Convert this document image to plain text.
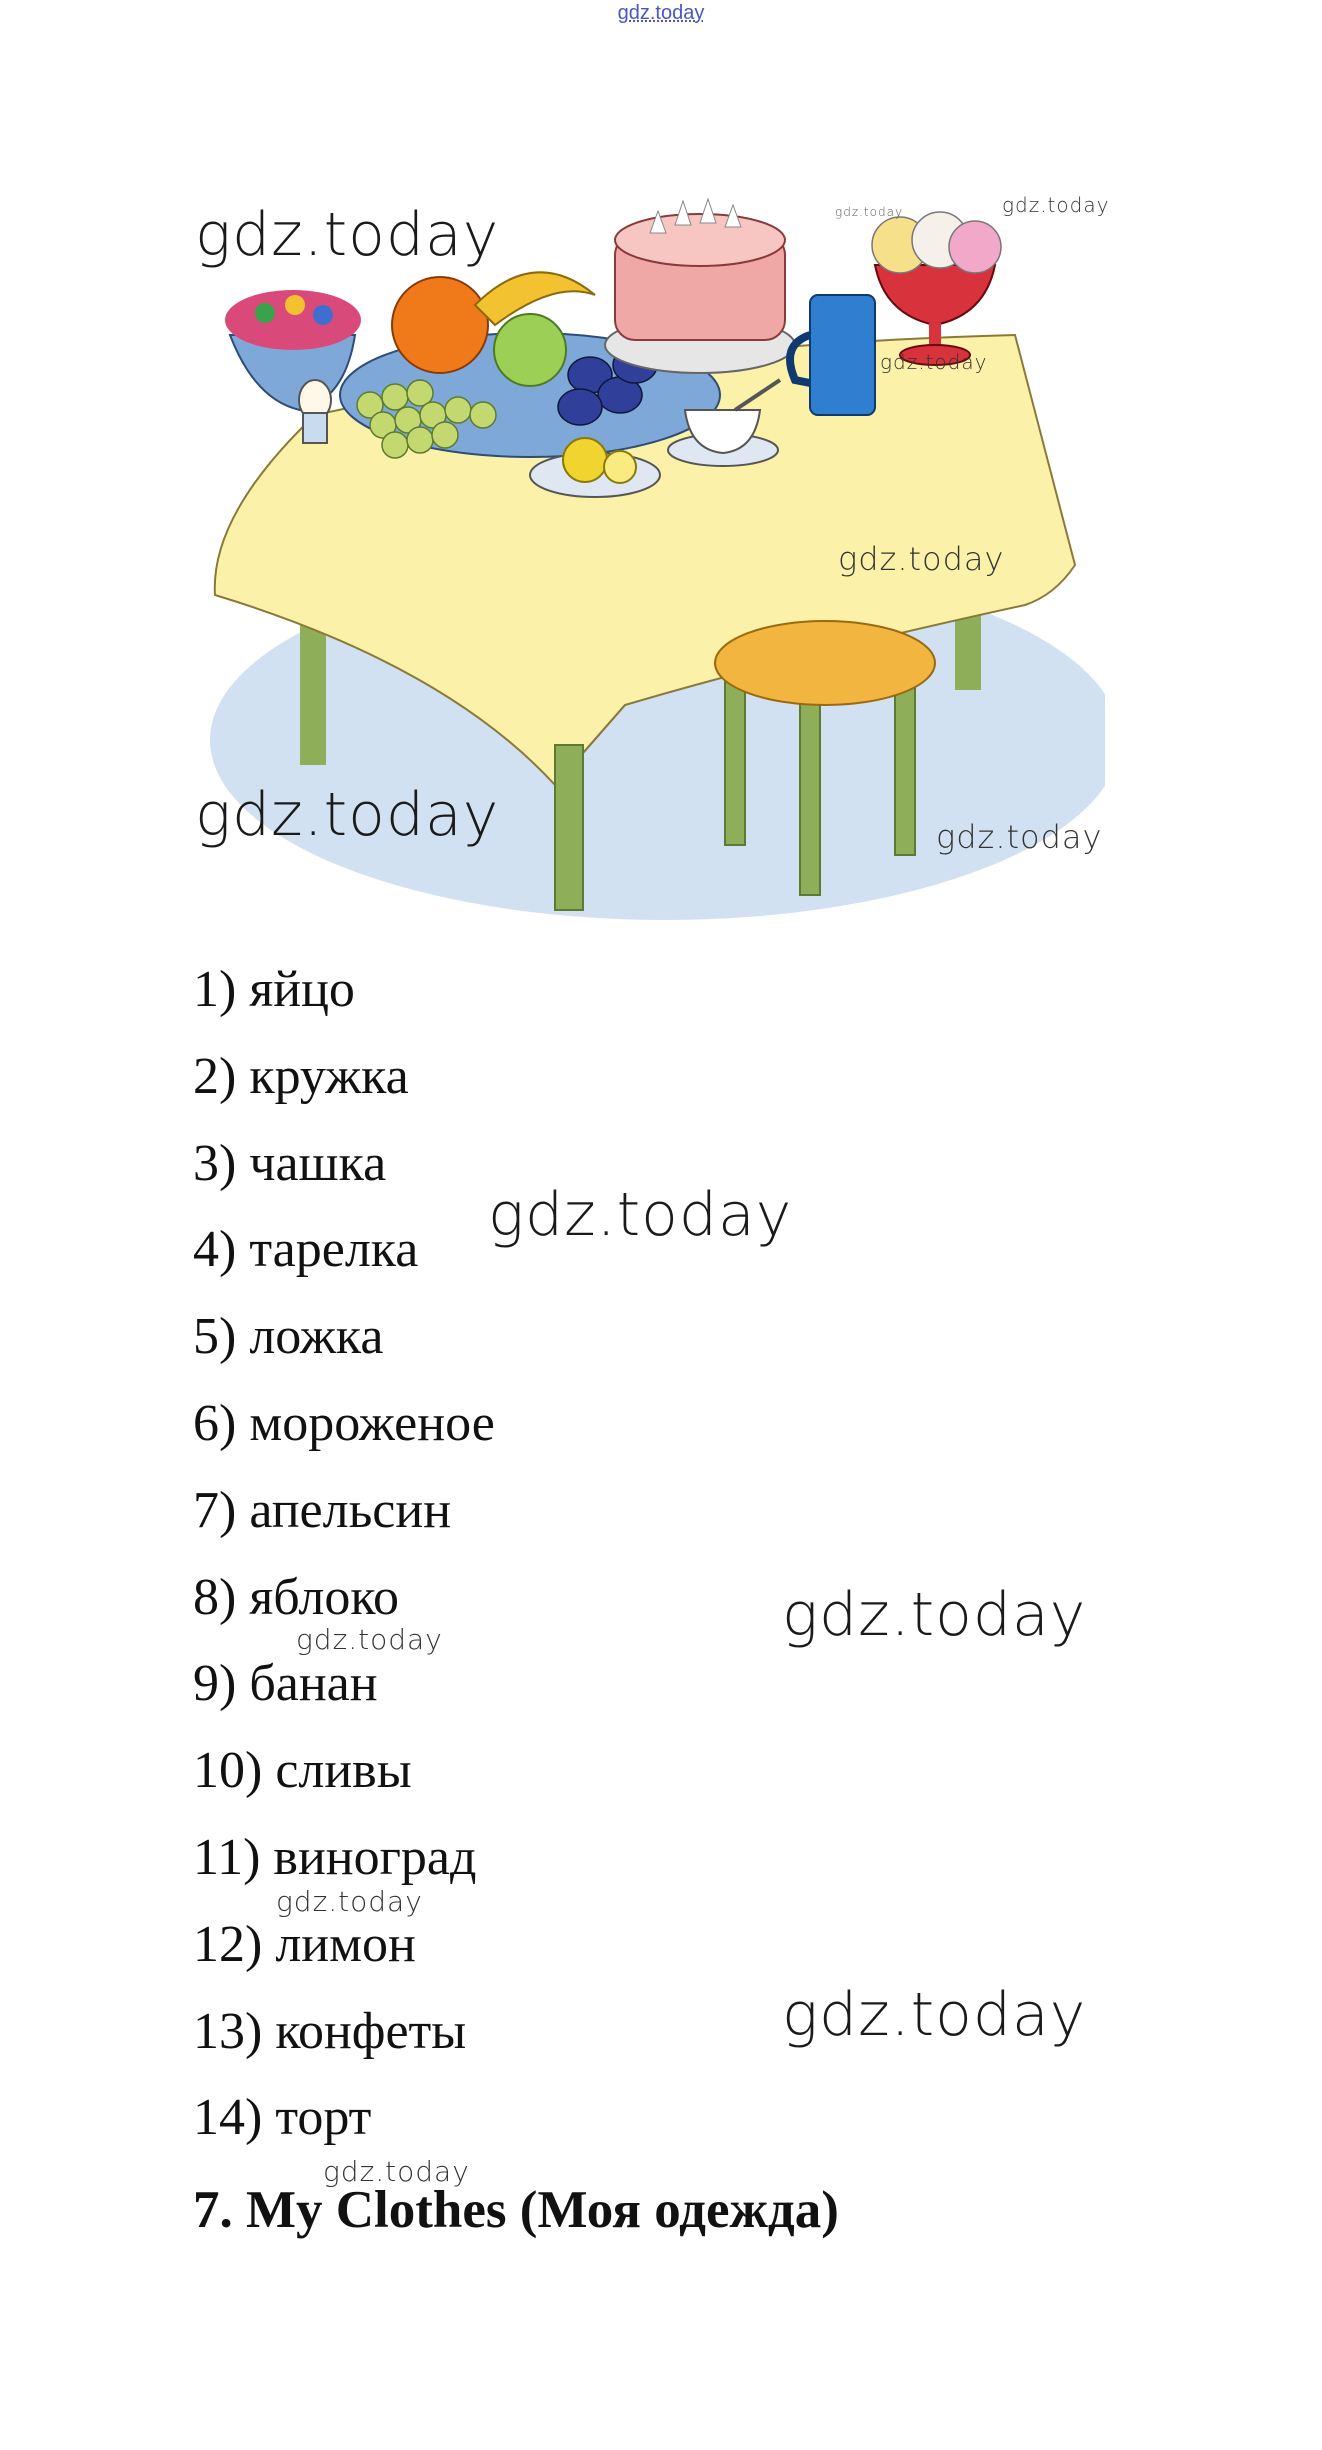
gdz.today
gdz.today	gdz.today	gdz.today
gdz.today
gdz.today
gdz.today	gdz.today
1) яйцо
2) кружка
3) чашка
4) тарелка
5) ложка
6) мороженое
7) апельсин
8) яблоко
9) банан
10) сливы
11) виноград
12) лимон
13) конфеты
14) торт
gdz.today
gdz.today
gdz.today
gdz.today
gdz.today
gdz.today
7. My Clothes (Моя одежда)
